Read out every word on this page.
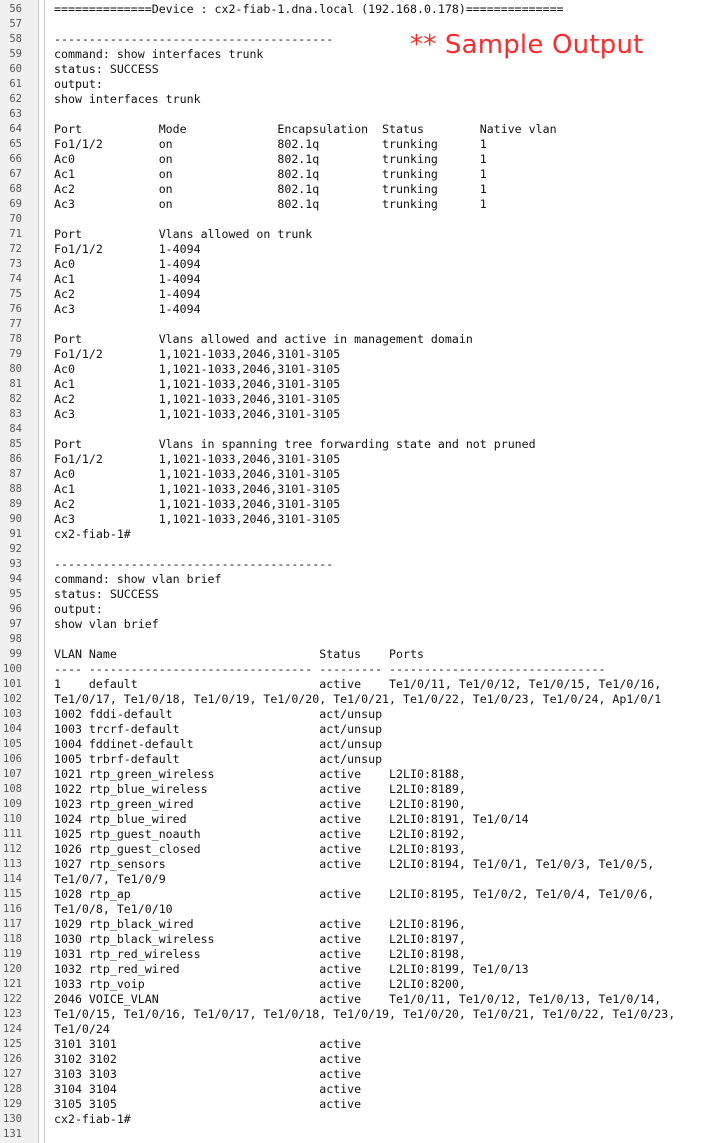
56	==============Device : cx2-fiab-1.dna.local (192.168.0.178)==============
57
58	----------------------------------------
59	command: show interfaces trunk
60	status: SUCCESS
61	output:
62	show interfaces trunk
63
64	Port           Mode             Encapsulation  Status        Native vlan
65	Fo1/1/2        on               802.1q         trunking      1
66	Ac0            on               802.1q         trunking      1
67	Ac1            on               802.1q         trunking      1
68	Ac2            on               802.1q         trunking      1
69	Ac3            on               802.1q         trunking      1
70
71	Port           Vlans allowed on trunk
72	Fo1/1/2        1-4094
73	Ac0            1-4094
74	Ac1            1-4094
75	Ac2            1-4094
76	Ac3            1-4094
77
78	Port           Vlans allowed and active in management domain
79	Fo1/1/2        1,1021-1033,2046,3101-3105
80	Ac0            1,1021-1033,2046,3101-3105
81	Ac1            1,1021-1033,2046,3101-3105
82	Ac2            1,1021-1033,2046,3101-3105
83	Ac3            1,1021-1033,2046,3101-3105
84
85	Port           Vlans in spanning tree forwarding state and not pruned
86	Fo1/1/2        1,1021-1033,2046,3101-3105
87	Ac0            1,1021-1033,2046,3101-3105
88	Ac1            1,1021-1033,2046,3101-3105
89	Ac2            1,1021-1033,2046,3101-3105
90	Ac3            1,1021-1033,2046,3101-3105
91	cx2-fiab-1#
92
93	----------------------------------------
94	command: show vlan brief
95	status: SUCCESS
96	output:
97	show vlan brief
98
99	VLAN Name                             Status    Ports
100	---- -------------------------------- --------- -------------------------------
101	1    default                          active    Te1/0/11, Te1/0/12, Te1/0/15, Te1/0/16,
102	Te1/0/17, Te1/0/18, Te1/0/19, Te1/0/20, Te1/0/21, Te1/0/22, Te1/0/23, Te1/0/24, Ap1/0/1
103	1002 fddi-default                     act/unsup
104	1003 trcrf-default                    act/unsup
105	1004 fddinet-default                  act/unsup
106	1005 trbrf-default                    act/unsup
107	1021 rtp_green_wireless               active    L2LI0:8188,
108	1022 rtp_blue_wireless                active    L2LI0:8189,
109	1023 rtp_green_wired                  active    L2LI0:8190,
110	1024 rtp_blue_wired                   active    L2LI0:8191, Te1/0/14
111	1025 rtp_guest_noauth                 active    L2LI0:8192,
112	1026 rtp_guest_closed                 active    L2LI0:8193,
113	1027 rtp_sensors                      active    L2LI0:8194, Te1/0/1, Te1/0/3, Te1/0/5,
114	Te1/0/7, Te1/0/9
115	1028 rtp_ap                           active    L2LI0:8195, Te1/0/2, Te1/0/4, Te1/0/6,
116	Te1/0/8, Te1/0/10
117	1029 rtp_black_wired                  active    L2LI0:8196,
118	1030 rtp_black_wireless               active    L2LI0:8197,
119	1031 rtp_red_wireless                 active    L2LI0:8198,
120	1032 rtp_red_wired                    active    L2LI0:8199, Te1/0/13
121	1033 rtp_voip                         active    L2LI0:8200,
122	2046 VOICE_VLAN                       active    Te1/0/11, Te1/0/12, Te1/0/13, Te1/0/14,
123	Te1/0/15, Te1/0/16, Te1/0/17, Te1/0/18, Te1/0/19, Te1/0/20, Te1/0/21, Te1/0/22, Te1/0/23,
124	Te1/0/24
125	3101 3101                             active
126	3102 3102                             active
127	3103 3103                             active
128	3104 3104                             active
129	3105 3105                             active
130	cx2-fiab-1#
131
** Sample Output
